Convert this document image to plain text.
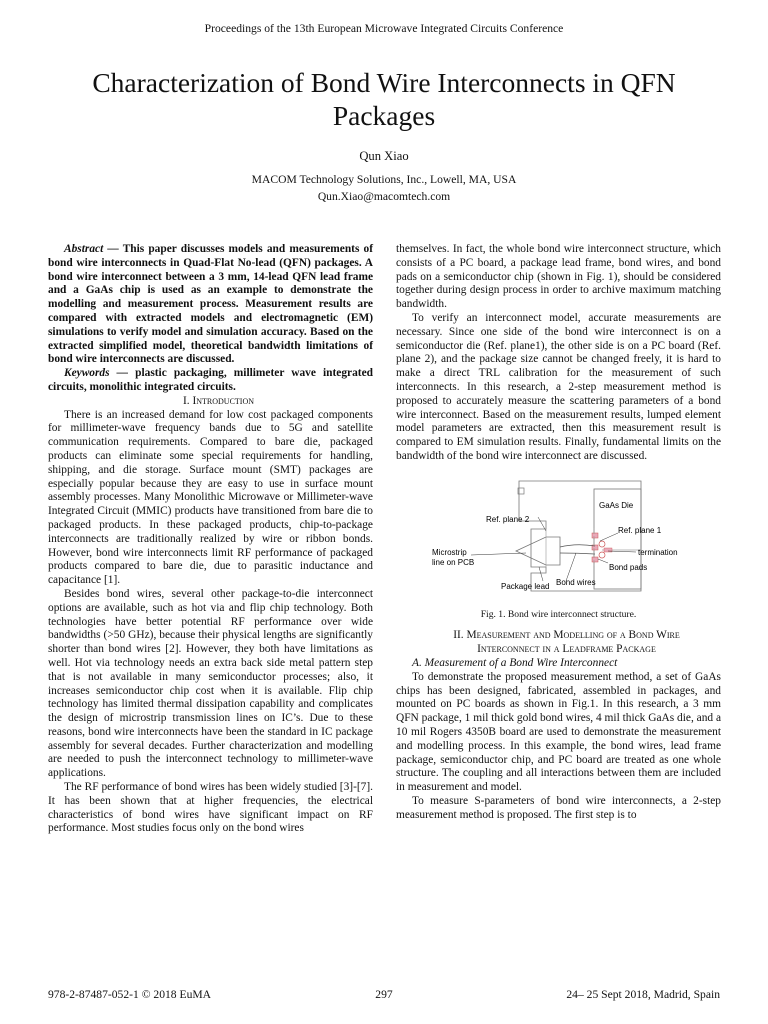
Proceedings of the 13th European Microwave Integrated Circuits Conference
Characterization of Bond Wire Interconnects in QFN Packages
Qun Xiao
MACOM Technology Solutions, Inc., Lowell, MA, USA
Qun.Xiao@macomtech.com

Abstract — This paper discusses models and measurements of bond wire interconnects in Quad-Flat No-lead (QFN) packages. A bond wire interconnect between a 3 mm, 14-lead QFN lead frame and a GaAs chip is used as an example to demonstrate the modelling and measurement process. Measurement results are compared with extracted models and electromagnetic (EM) simulations to verify model and simulation accuracy. Based on the extracted simplified model, theoretical bandwidth limitations of bond wire interconnects are discussed.

Keywords — plastic packaging, millimeter wave integrated circuits, monolithic integrated circuits.

I. Introduction

There is an increased demand for low cost packaged components for millimeter-wave frequency bands due to 5G and satellite communication requirements. Compared to bare die, packaged products can eliminate some special requirements for handling, shipping, and die storage. Surface mount (SMT) packages are especially popular because they are easy to use in surface mount assembly processes. Many Monolithic Microwave or Millimeter-wave Integrated Circuit (MMIC) products have transitioned from bare die to packaged products. In these packaged products, chip-to-package interconnects are traditionally realized by wire or ribbon bonds. However, bond wire interconnects limit RF performance of packaged products compared to bare die, due to parasitic inductance and capacitance [1].

Besides bond wires, several other package-to-die interconnect options are available, such as hot via and flip chip technology. Both technologies have better potential RF performance over wide bandwidths (>50 GHz), because their physical lengths are significantly shorter than bond wires [2]. However, they both have limitations as well. Hot via technology needs an extra back side metal pattern step that is not available in many semiconductor processes; also, it increases semiconductor chip cost when it is available. Flip chip technology has limited thermal dissipation capability and complicates the design of microstrip transmission lines on IC’s. Due to these reasons, bond wire interconnects have been the standard in IC package assembly for several decades. Further characterization and modelling are needed to push the interconnect technology to millimeter-wave applications.

The RF performance of bond wires has been widely studied [3]-[7]. It has been shown that at higher frequencies, the electrical characteristics of bond wires have significant impact on RF performance. Most studies focus only on the bond wires

themselves. In fact, the whole bond wire interconnect structure, which consists of a PC board, a package lead frame, bond wires, and bond pads on a semiconductor chip (shown in Fig. 1), should be considered together during design process in order to archive maximum matching bandwidth.

To verify an interconnect model, accurate measurements are necessary. Since one side of the bond wire interconnect is on a semiconductor die (Ref. plane1), the other side is on a PC board (Ref. plane 2), and the package size cannot be changed freely, it is hard to make a direct TRL calibration for the measurement of such interconnects. In this research, a 2-step measurement method is proposed to accurately measure the scattering parameters of a bond wire interconnect. Based on the measurement results, lumped element model parameters are extracted, then this measurement result is compared to EM simulation results. Finally, fundamental limits on the bandwidth of the bond wire interconnect are discussed.

GaAs Die
Ref. plane 2
Ref. plane 1
Microstrip
line on PCB
termination
Bond pads
Package lead Bond wires
Fig. 1. Bond wire interconnect structure.

II. Measurement and Modelling of a Bond Wire

Interconnect in a Leadframe Package

A. Measurement of a Bond Wire Interconnect

To demonstrate the proposed measurement method, a set of GaAs chips has been designed, fabricated, assembled in packages, and mounted on PC boards as shown in Fig.1. In this research, a 3 mm QFN package, 1 mil thick gold bond wires, 4 mil thick GaAs die, and a 10 mil Rogers 4350B board are used to demonstrate the measurement and modelling process. In this example, the bond wires, lead frame package, semiconductor chip, and PC board are treated as one whole structure. The coupling and all interactions between them are included in measurement and model.

To measure S-parameters of bond wire interconnects, a 2-step measurement method is proposed. The first step is to

978-2-87487-052-1 © 2018 EuMA	297	24– 25 Sept 2018, Madrid, Spain
